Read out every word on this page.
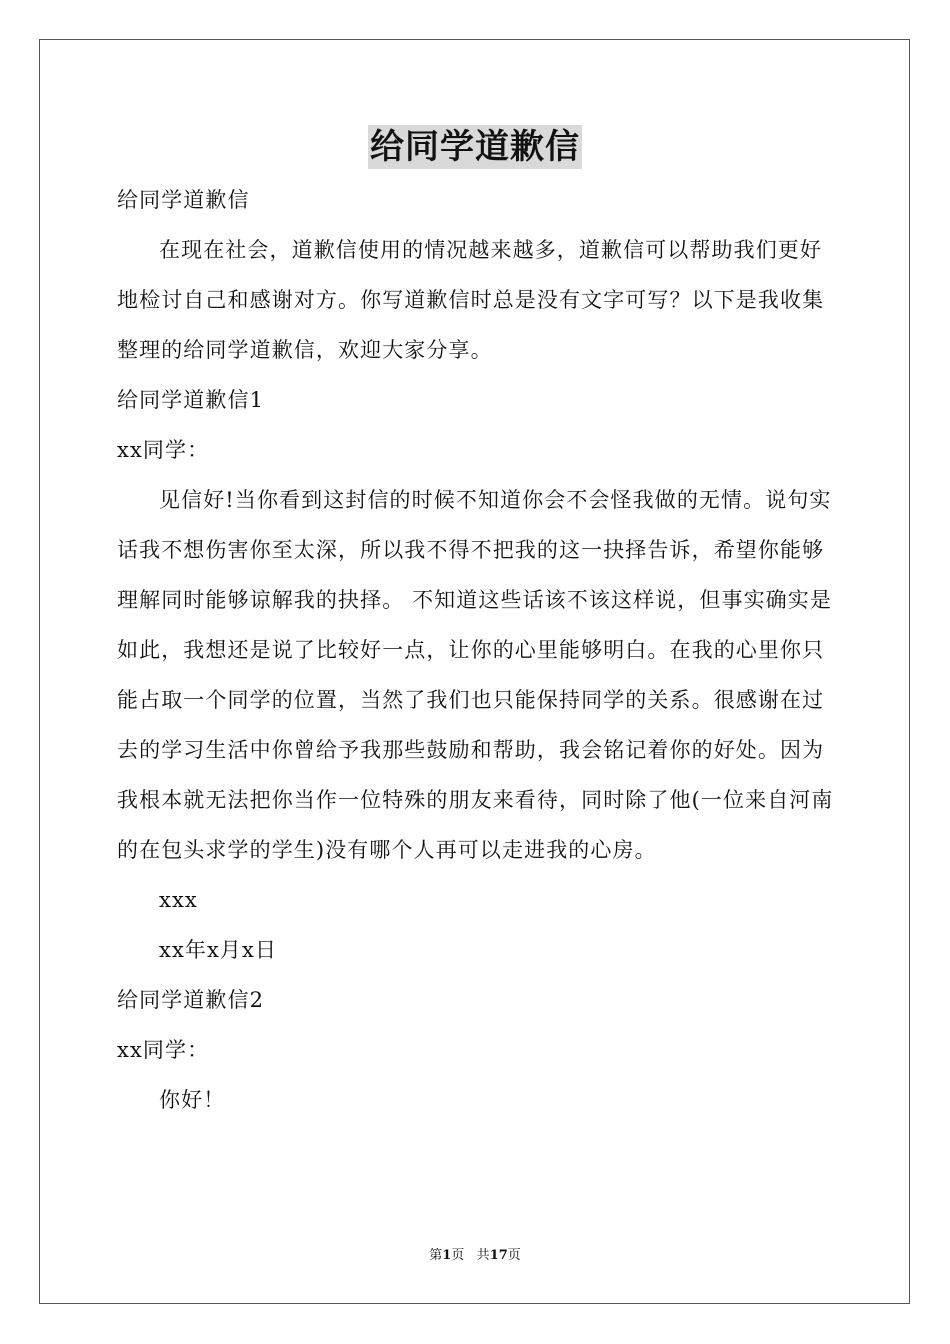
给同学道歉信

给同学道歉信

在现在社会，道歉信使用的情况越来越多，道歉信可以帮助我们更好地检讨自己和感谢对方。你写道歉信时总是没有文字可写？以下是我收集整理的给同学道歉信，欢迎大家分享。

给同学道歉信1

xx同学：

见信好!当你看到这封信的时候不知道你会不会怪我做的无情。说句实话我不想伤害你至太深，所以我不得不把我的这一抉择告诉，希望你能够理解同时能够谅解我的抉择。 不知道这些话该不该这样说，但事实确实是如此，我想还是说了比较好一点，让你的心里能够明白。在我的心里你只能占取一个同学的位置，当然了我们也只能保持同学的关系。很感谢在过去的学习生活中你曾给予我那些鼓励和帮助，我会铭记着你的好处。因为我根本就无法把你当作一位特殊的朋友来看待，同时除了他(一位来自河南的在包头求学的学生)没有哪个人再可以走进我的心房。

xxx

xx年x月x日

给同学道歉信2

xx同学：

你好！

第1页 共17页
